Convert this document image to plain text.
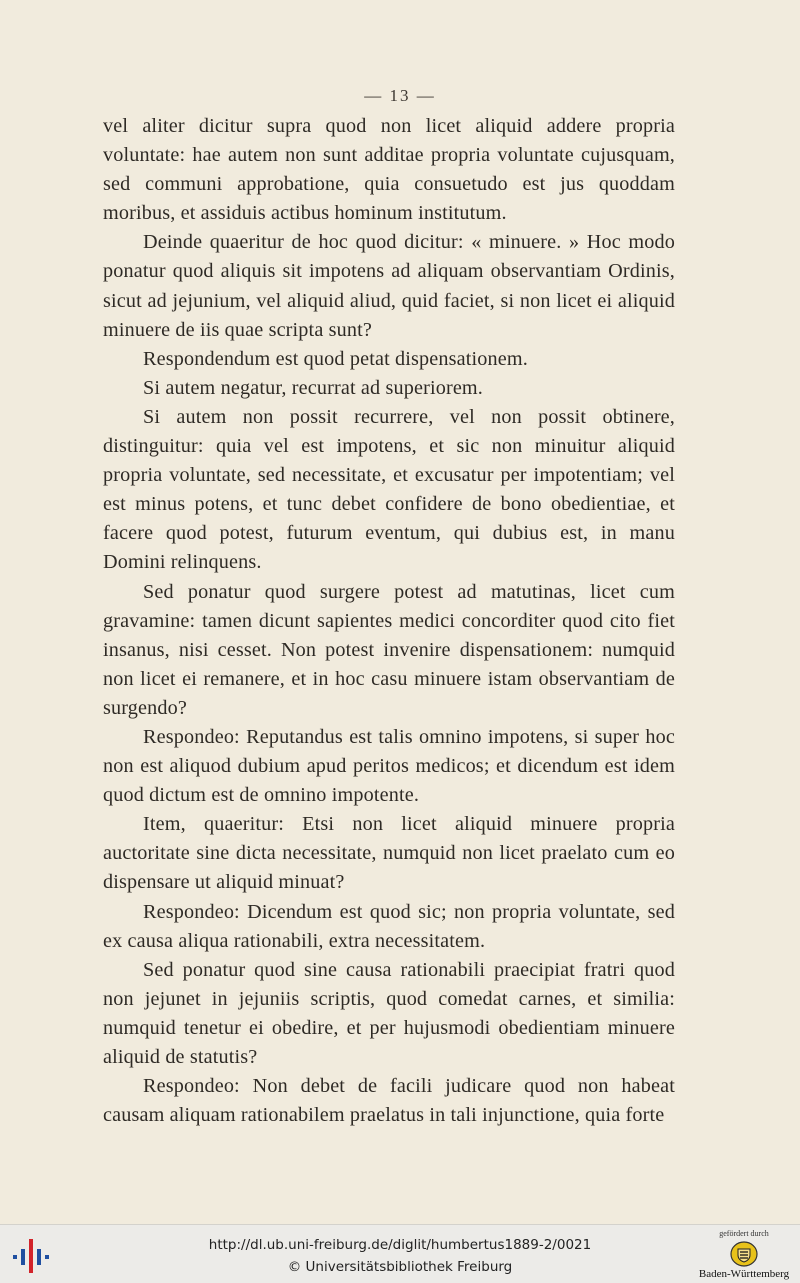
— 13 —

vel aliter dicitur supra quod non licet aliquid addere propria voluntate: hae autem non sunt additae propria voluntate cujusquam, sed communi approbatione, quia consuetudo est jus quoddam moribus, et assiduis actibus hominum institutum.

Deinde quaeritur de hoc quod dicitur: « minuere. » Hoc modo ponatur quod aliquis sit impotens ad aliquam observantiam Ordinis, sicut ad jejunium, vel aliquid aliud, quid faciet, si non licet ei aliquid minuere de iis quae scripta sunt?

Respondendum est quod petat dispensationem.

Si autem negatur, recurrat ad superiorem.

Si autem non possit recurrere, vel non possit obtinere, distinguitur: quia vel est impotens, et sic non minuitur aliquid propria voluntate, sed necessitate, et excusatur per impotentiam; vel est minus potens, et tunc debet confidere de bono obedientiae, et facere quod potest, futurum eventum, qui dubius est, in manu Domini relinquens.

Sed ponatur quod surgere potest ad matutinas, licet cum gravamine: tamen dicunt sapientes medici concorditer quod cito fiet insanus, nisi cesset. Non potest invenire dispensationem: numquid non licet ei remanere, et in hoc casu minuere istam observantiam de surgendo?

Respondeo: Reputandus est talis omnino impotens, si super hoc non est aliquod dubium apud peritos medicos; et dicendum est idem quod dictum est de omnino impotente.

Item, quaeritur: Etsi non licet aliquid minuere propria auctoritate sine dicta necessitate, numquid non licet praelato cum eo dispensare ut aliquid minuat?

Respondeo: Dicendum est quod sic; non propria voluntate, sed ex causa aliqua rationabili, extra necessitatem.

Sed ponatur quod sine causa rationabili praecipiat fratri quod non jejunet in jejuniis scriptis, quod comedat carnes, et similia: numquid tenetur ei obedire, et per hujusmodi obedientiam minuere aliquid de statutis?

Respondeo: Non debet de facili judicare quod non habeat causam aliquam rationabilem praelatus in tali injunctione, quia forte

http://dl.ub.uni-freiburg.de/diglit/humbertus1889-2/0021
© Universitätsbibliothek Freiburg
gefördert durch
Baden-Württemberg
